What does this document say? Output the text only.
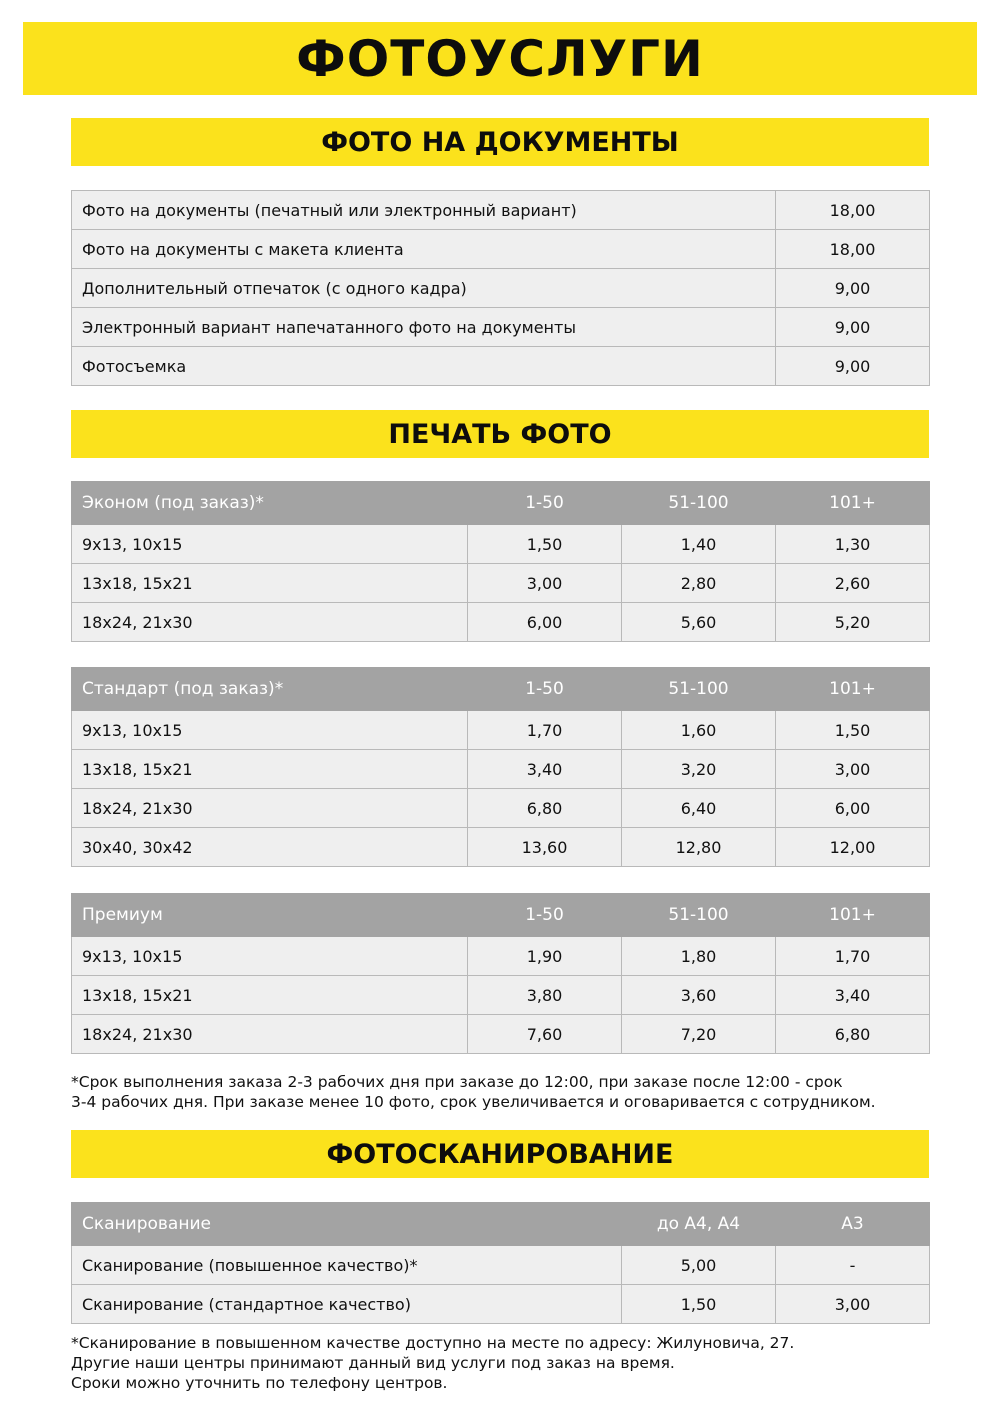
ФОТОУСЛУГИ
ФОТО НА ДОКУМЕНТЫ
Фото на документы (печатный или электронный вариант)	18,00
Фото на документы с макета клиента	18,00
Дополнительный отпечаток (с одного кадра)	9,00
Электронный вариант напечатанного фото на документы	9,00
Фотосъемка	9,00
ПЕЧАТЬ ФОТО
Эконом (под заказ)*	1-50	51-100	101+
9x13, 10x15	1,50	1,40	1,30
13x18, 15x21	3,00	2,80	2,60
18x24, 21x30	6,00	5,60	5,20
Стандарт (под заказ)*	1-50	51-100	101+
9x13, 10x15	1,70	1,60	1,50
13x18, 15x21	3,40	3,20	3,00
18x24, 21x30	6,80	6,40	6,00
30x40, 30x42	13,60	12,80	12,00
Премиум	1-50	51-100	101+
9x13, 10x15	1,90	1,80	1,70
13x18, 15x21	3,80	3,60	3,40
18x24, 21x30	7,60	7,20	6,80
*Срок выполнения заказа 2-3 рабочих дня при заказе до 12:00, при заказе после 12:00 - срок
3-4 рабочих дня. При заказе менее 10 фото, срок увеличивается и оговаривается с сотрудником.
ФОТОСКАНИРОВАНИЕ
Сканирование	до А4, А4	А3
Сканирование (повышенное качество)*	5,00	-
Сканирование (стандартное качество)	1,50	3,00
*Сканирование в повышенном качестве доступно на месте по адресу: Жилуновича, 27.
Другие наши центры принимают данный вид услуги под заказ на время.
Сроки можно уточнить по телефону центров.
